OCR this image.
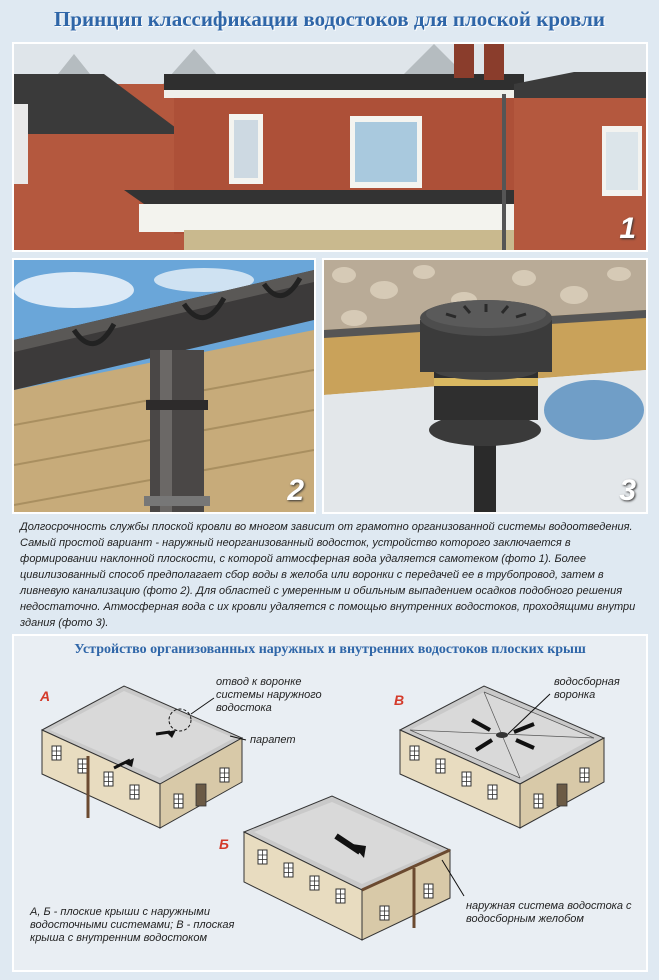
Принцип классификации водостоков для плоской кровли
1
2	3
Долгосрочность службы плоской кровли во многом зависит от грамотно организованной системы водоотведения. Самый простой вариант - наружный неорганизованный водосток, устройство которого заключается в формировании наклонной плоскости, с которой атмосферная вода удаляется самотеком (фото 1). Более цивилизованный способ предполагает сбор воды в желоба или воронки с передачей ее в трубопровод, затем в ливневую канализацию (фото 2). Для областей с умеренным и обильным выпадением осадков подобного решения недостаточно. Атмосферная вода с их кровли удаляется с помощью внутренних водостоков, проходящими внутри здания (фото 3).
Устройство организованных наружных и внутренних водостоков плоских крыш
А
Б
В
отвод к воронке системы наружного водостока
парапет
водосборная воронка
наружная система водостока с водосборным желобом
А, Б - плоские крыши с наружными водосточными системами; В - плоская крыша с внутренним водостоком
